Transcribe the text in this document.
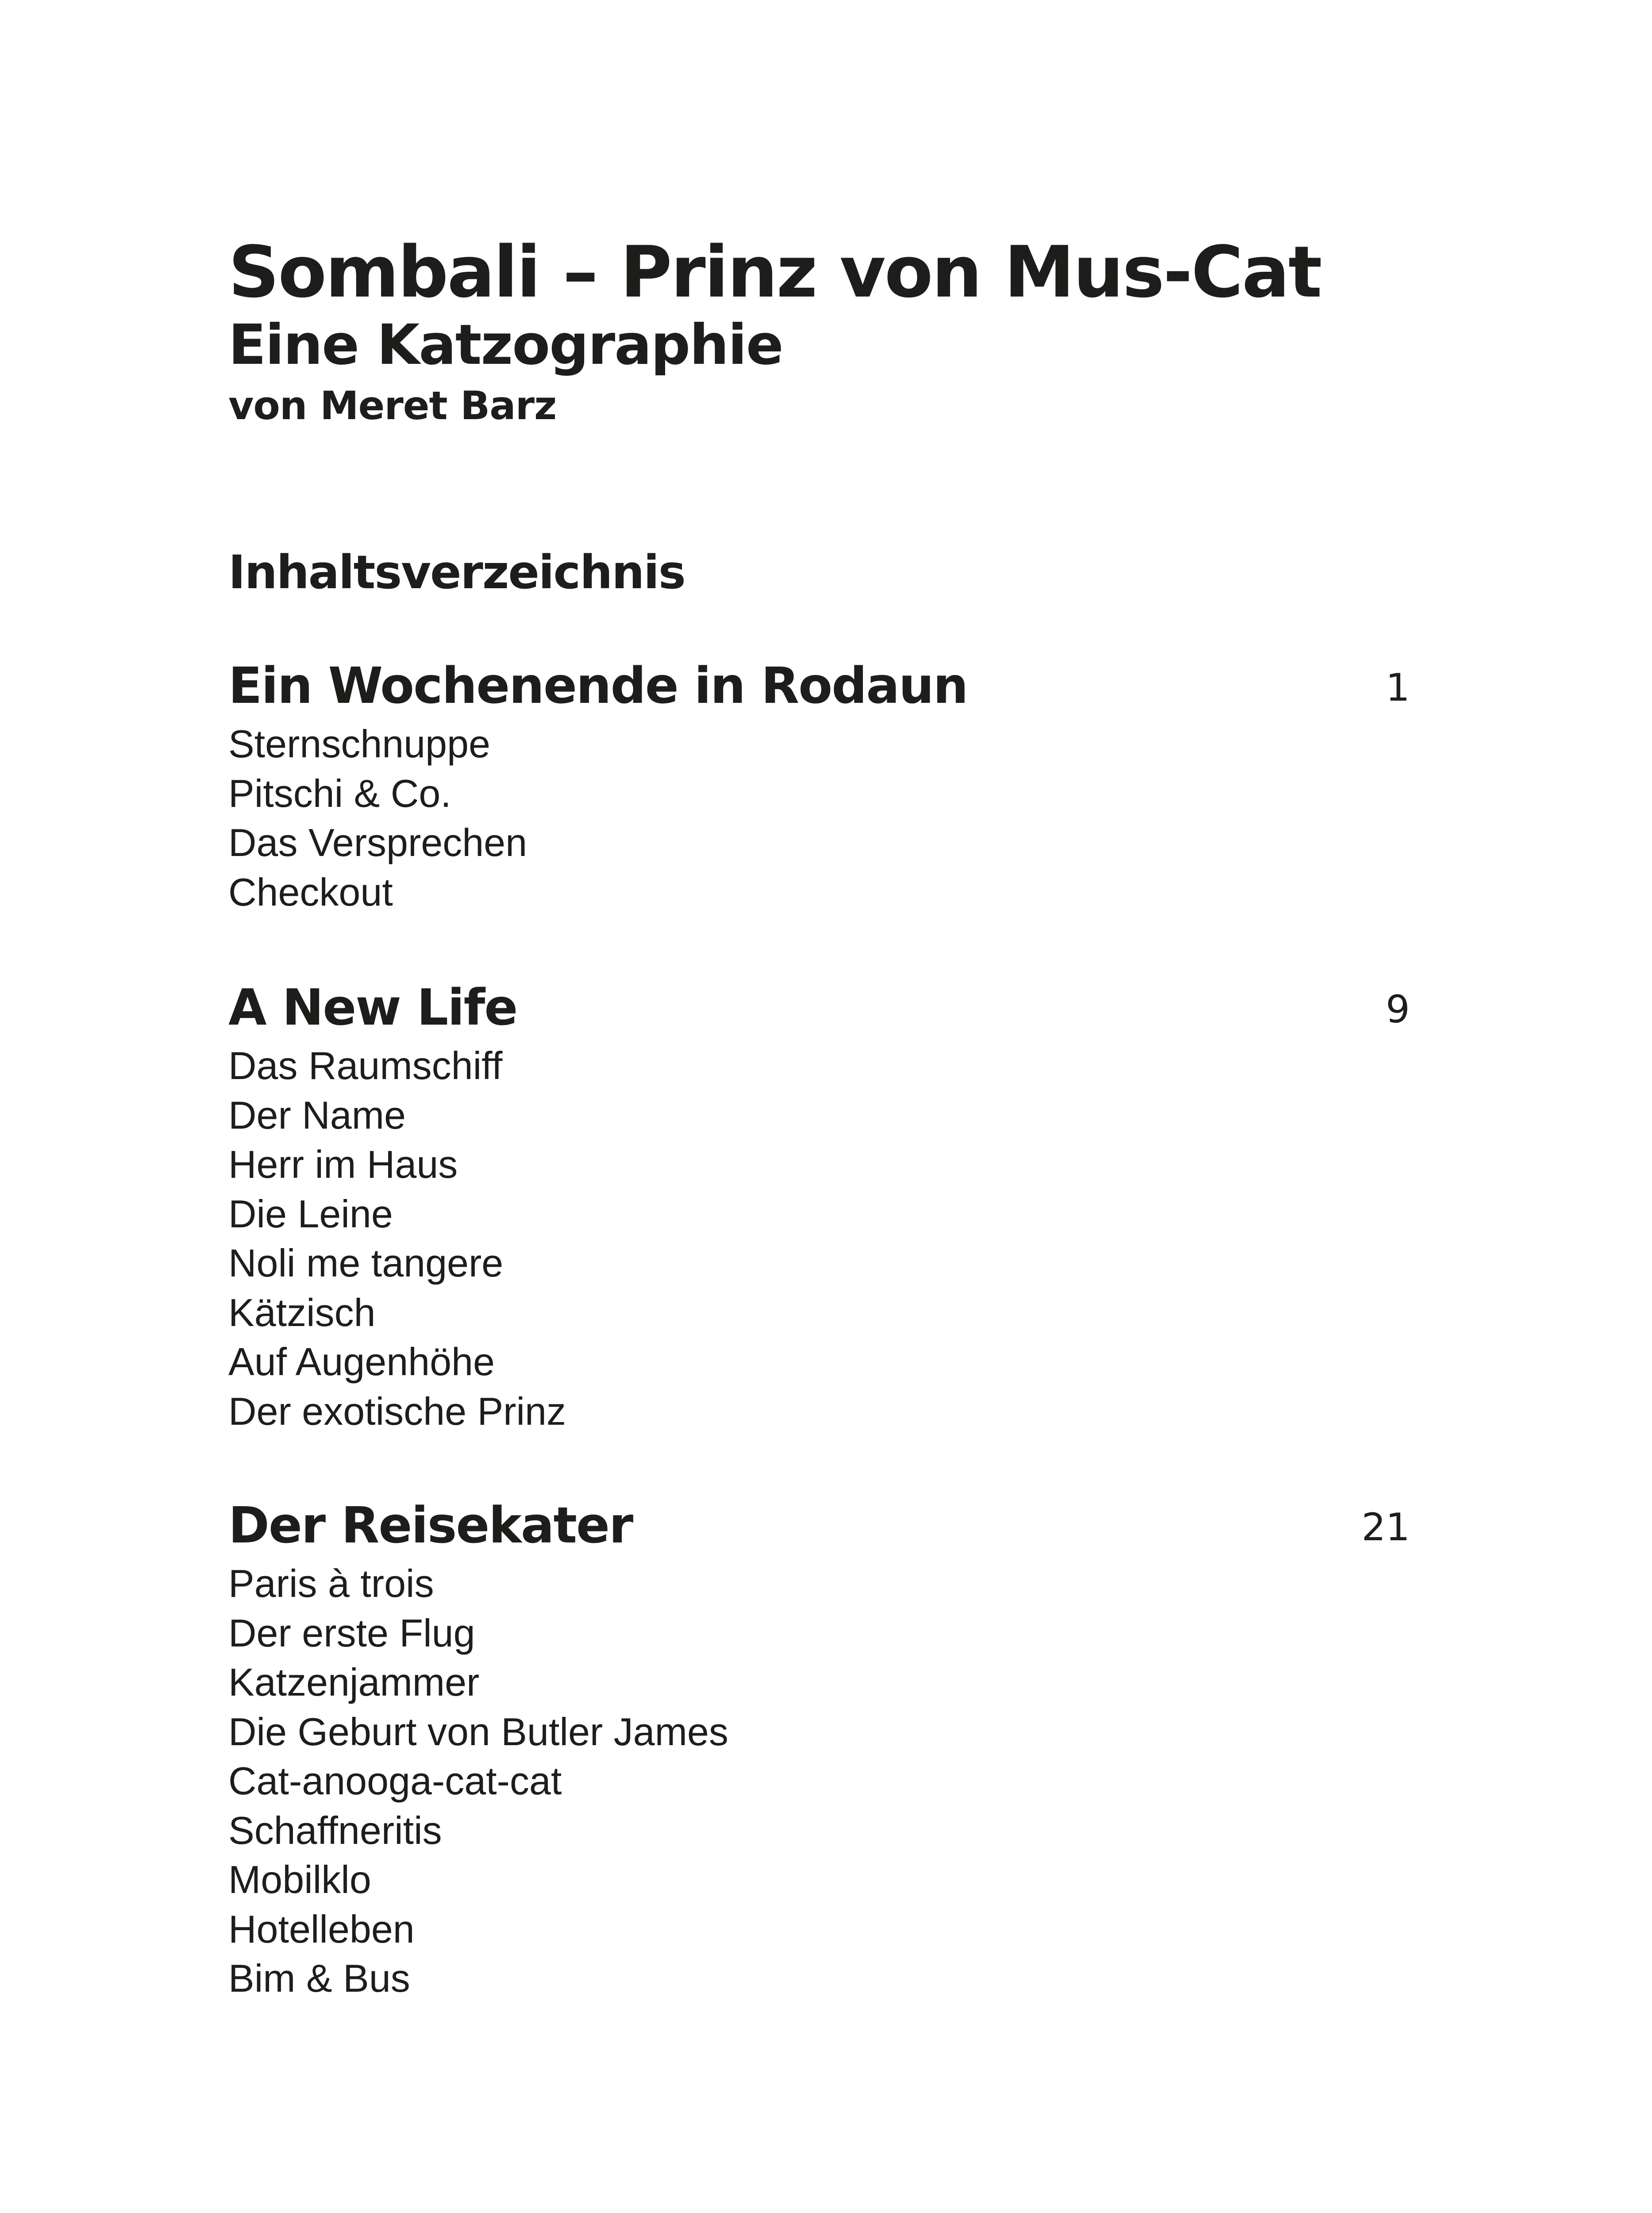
Sombali – Prinz von Mus-Cat
Eine Katzographie

von Meret Barz

Inhaltsverzeichnis
Ein Wochenende in Rodaun	1
Sternschnuppe
Pitschi & Co.
Das Versprechen
Checkout
A New Life	9
Das Raumschiff
Der Name
Herr im Haus
Die Leine
Noli me tangere
Kätzisch
Auf Augenhöhe
Der exotische Prinz
Der Reisekater	21
Paris à trois
Der erste Flug
Katzenjammer
Die Geburt von Butler James
Cat-anooga-cat-cat
Schaffneritis
Mobilklo
Hotelleben
Bim & Bus
